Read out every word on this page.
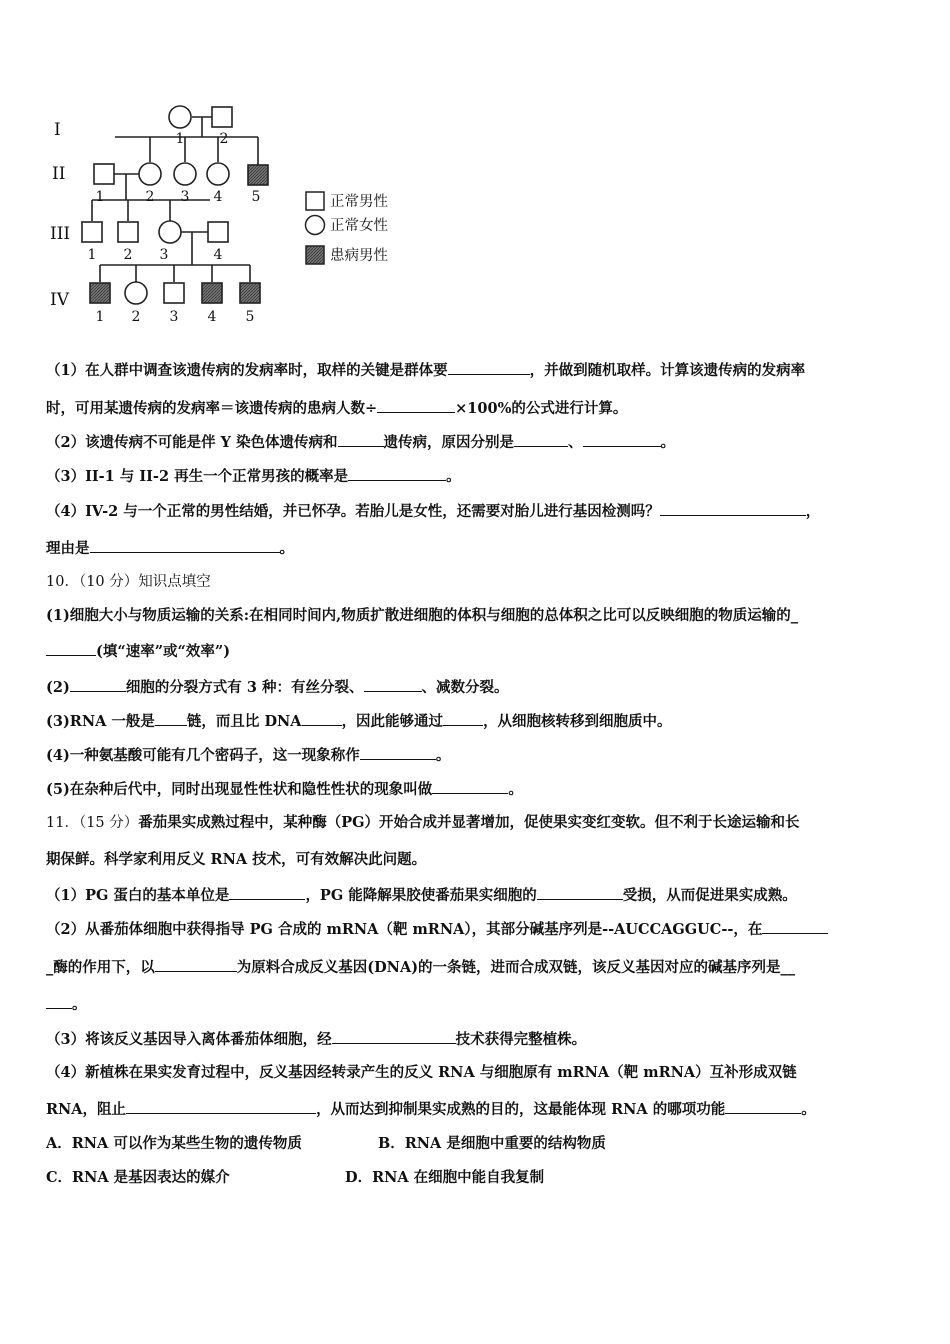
I
II
III
IV
1	2
1	2 3 4 5
1 2 3	4
1 2 3 4 5
正常男性
正常女性
患病男性
（1）在人群中调查该遗传病的发病率时，取样的关键是群体要	，并做到随机取样。计算该遗传病的发病率
时，可用某遗传病的发病率＝该遗传病的患病人数÷	×100%的公式进行计算。
（2）该遗传病不可能是伴 Y 染色体遗传病和	遗传病，原因分别是	、	。
（3）II-1 与 II-2 再生一个正常男孩的概率是	。
（4）IV-2 与一个正常的男性结婚，并已怀孕。若胎儿是女性，还需要对胎儿进行基因检测吗？	，
理由是	。
10．（10 分）知识点填空
(1)细胞大小与物质运输的关系:在相同时间内,物质扩散进细胞的体积与细胞的总体积之比可以反映细胞的物质运输的_
(填“速率”或“效率”)
(2)	细胞的分裂方式有 3 种：有丝分裂、	、减数分裂。
(3)RNA 一般是 链，而且比 DNA	，因此能够通过	，从细胞核转移到细胞质中。
(4)一种氨基酸可能有几个密码子，这一现象称作	。
(5)在杂种后代中，同时出现显性性状和隐性性状的现象叫做	。
11．（15 分）番茄果实成熟过程中，某种酶（PG）开始合成并显著增加，促使果实变红变软。但不利于长途运输和长
期保鲜。科学家利用反义 RNA 技术，可有效解决此问题。
（1）PG 蛋白的基本单位是	，PG 能降解果胶使番茄果实细胞的	受损，从而促进果实成熟。
（2）从番茄体细胞中获得指导 PG 合成的 mRNA（靶 mRNA），其部分碱基序列是--AUCCAGGUC--，在
_酶的作用下，以	为原料合成反义基因(DNA)的一条链，进而合成双链，该反义基因对应的碱基序列是__
。
（3）将该反义基因导入离体番茄体细胞，经	技术获得完整植株。
（4）新植株在果实发育过程中，反义基因经转录产生的反义 RNA 与细胞原有 mRNA（靶 mRNA）互补形成双链
RNA，阻止	，从而达到抑制果实成熟的目的，这最能体现 RNA 的哪项功能	。
A．RNA 可以作为某些生物的遗传物质	B．RNA 是细胞中重要的结构物质
C．RNA 是基因表达的媒介	D．RNA 在细胞中能自我复制
